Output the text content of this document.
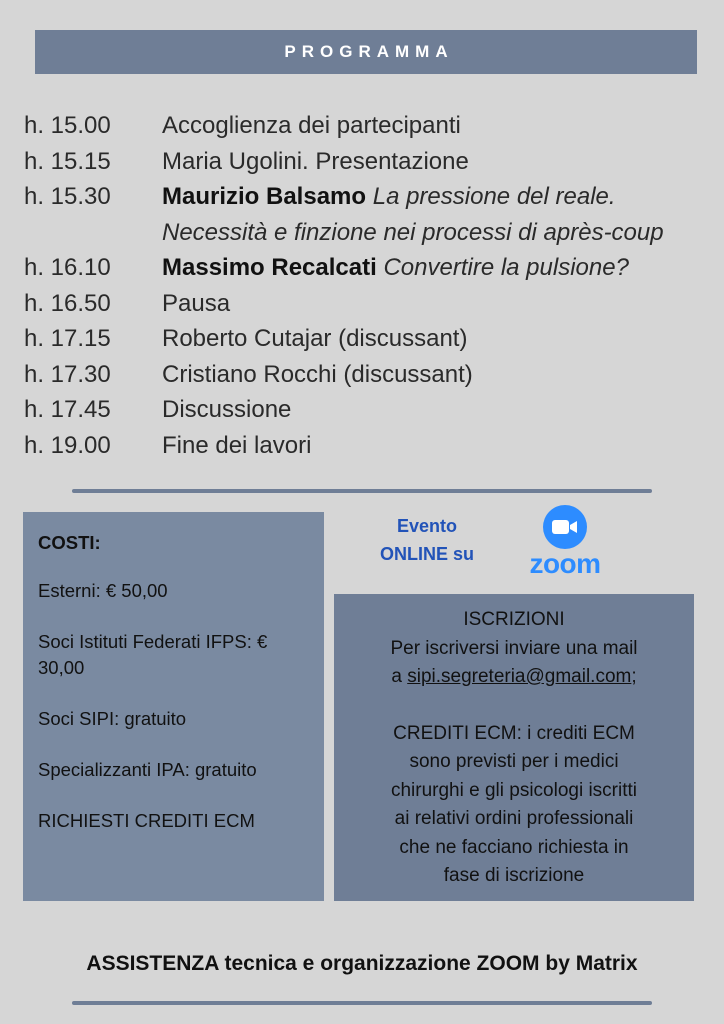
PROGRAMMA
h. 15.00	Accoglienza dei partecipanti
h. 15.15	Maria Ugolini. Presentazione
h. 15.30	Maurizio Balsamo La pressione del reale.
Necessità e finzione nei processi di après-coup
h. 16.10	Massimo Recalcati Convertire la pulsione?
h. 16.50	Pausa
h. 17.15	Roberto Cutajar (discussant)
h. 17.30	Cristiano Rocchi (discussant)
h. 17.45	Discussione
h. 19.00	Fine dei lavori
COSTI:

Esterni: € 50,00

Soci Istituti Federati IFPS: € 30,00

Soci SIPI: gratuito

Specializzanti IPA: gratuito

RICHIESTI CREDITI ECM

Evento
ONLINE su	zoom

ISCRIZIONI

Per iscriversi inviare una mail

a sipi.segreteria@gmail.com;

CREDITI ECM: i crediti ECM

sono previsti per i medici

chirurghi e gli psicologi iscritti

ai relativi ordini professionali

che ne facciano richiesta in

fase di iscrizione

ASSISTENZA tecnica e organizzazione ZOOM by Matrix
